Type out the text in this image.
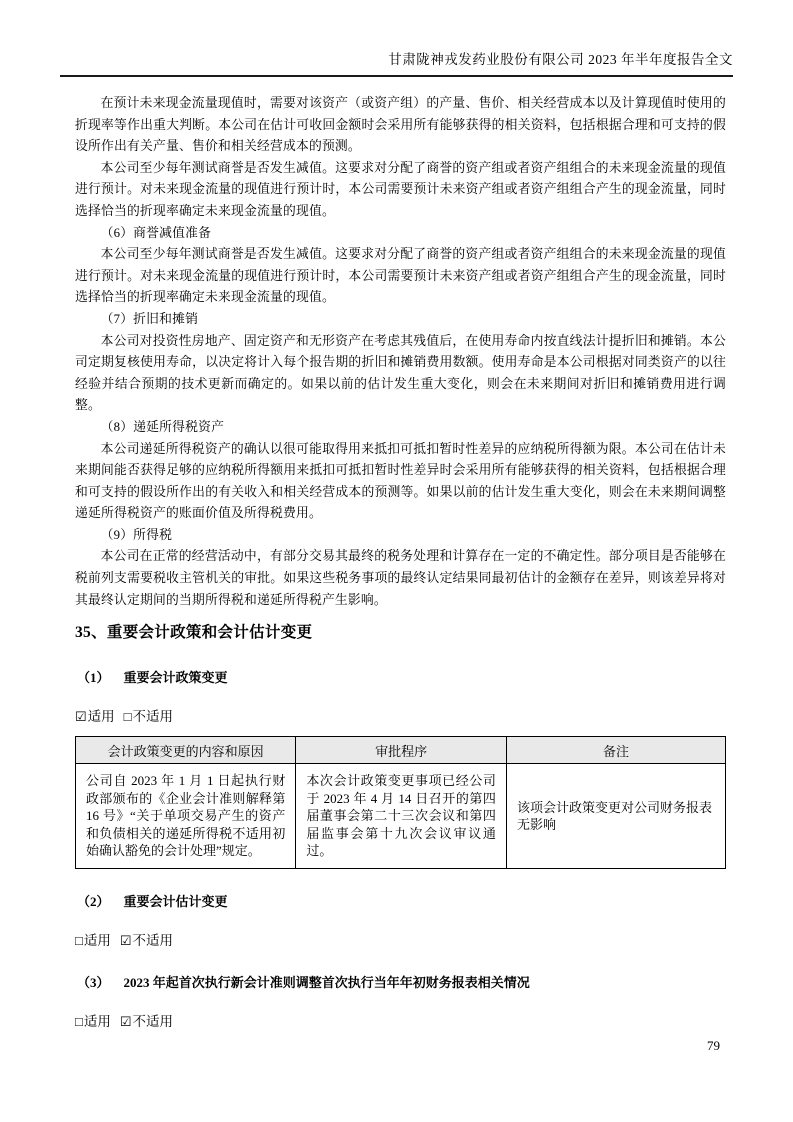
甘肃陇神戎发药业股份有限公司 2023 年半年度报告全文

在预计未来现金流量现值时，需要对该资产（或资产组）的产量、售价、相关经营成本以及计算现值时使用的折现率等作出重大判断。本公司在估计可收回金额时会采用所有能够获得的相关资料，包括根据合理和可支持的假设所作出有关产量、售价和相关经营成本的预测。

本公司至少每年测试商誉是否发生减值。这要求对分配了商誉的资产组或者资产组组合的未来现金流量的现值进行预计。对未来现金流量的现值进行预计时，本公司需要预计未来资产组或者资产组组合产生的现金流量，同时选择恰当的折现率确定未来现金流量的现值。

（6）商誉减值准备

本公司至少每年测试商誉是否发生减值。这要求对分配了商誉的资产组或者资产组组合的未来现金流量的现值进行预计。对未来现金流量的现值进行预计时，本公司需要预计未来资产组或者资产组组合产生的现金流量，同时选择恰当的折现率确定未来现金流量的现值。

（7）折旧和摊销

本公司对投资性房地产、固定资产和无形资产在考虑其残值后，在使用寿命内按直线法计提折旧和摊销。本公司定期复核使用寿命，以决定将计入每个报告期的折旧和摊销费用数额。使用寿命是本公司根据对同类资产的以往经验并结合预期的技术更新而确定的。如果以前的估计发生重大变化，则会在未来期间对折旧和摊销费用进行调整。

（8）递延所得税资产

本公司递延所得税资产的确认以很可能取得用来抵扣可抵扣暂时性差异的应纳税所得额为限。本公司在估计未来期间能否获得足够的应纳税所得额用来抵扣可抵扣暂时性差异时会采用所有能够获得的相关资料，包括根据合理和可支持的假设所作出的有关收入和相关经营成本的预测等。如果以前的估计发生重大变化，则会在未来期间调整递延所得税资产的账面价值及所得税费用。

（9）所得税

本公司在正常的经营活动中，有部分交易其最终的税务处理和计算存在一定的不确定性。部分项目是否能够在税前列支需要税收主管机关的审批。如果这些税务事项的最终认定结果同最初估计的金额存在差异，则该差异将对其最终认定期间的当期所得税和递延所得税产生影响。

35、重要会计政策和会计估计变更
（1） 重要会计政策变更
☑适用 □不适用
会计政策变更的内容和原因	审批程序	备注
公司自 2023 年 1 月 1 日起执行财政部颁布的《企业会计准则解释第 16 号》“关于单项交易产生的资产和负债相关的递延所得税不适用初始确认豁免的会计处理”规定。	本次会计政策变更事项已经公司于 2023 年 4 月 14 日召开的第四届董事会第二十三次会议和第四届监事会第十九次会议审议通过。	该项会计政策变更对公司财务报表无影响
（2） 重要会计估计变更
□适用 ☑不适用
（3） 2023 年起首次执行新会计准则调整首次执行当年年初财务报表相关情况
□适用 ☑不适用
79
